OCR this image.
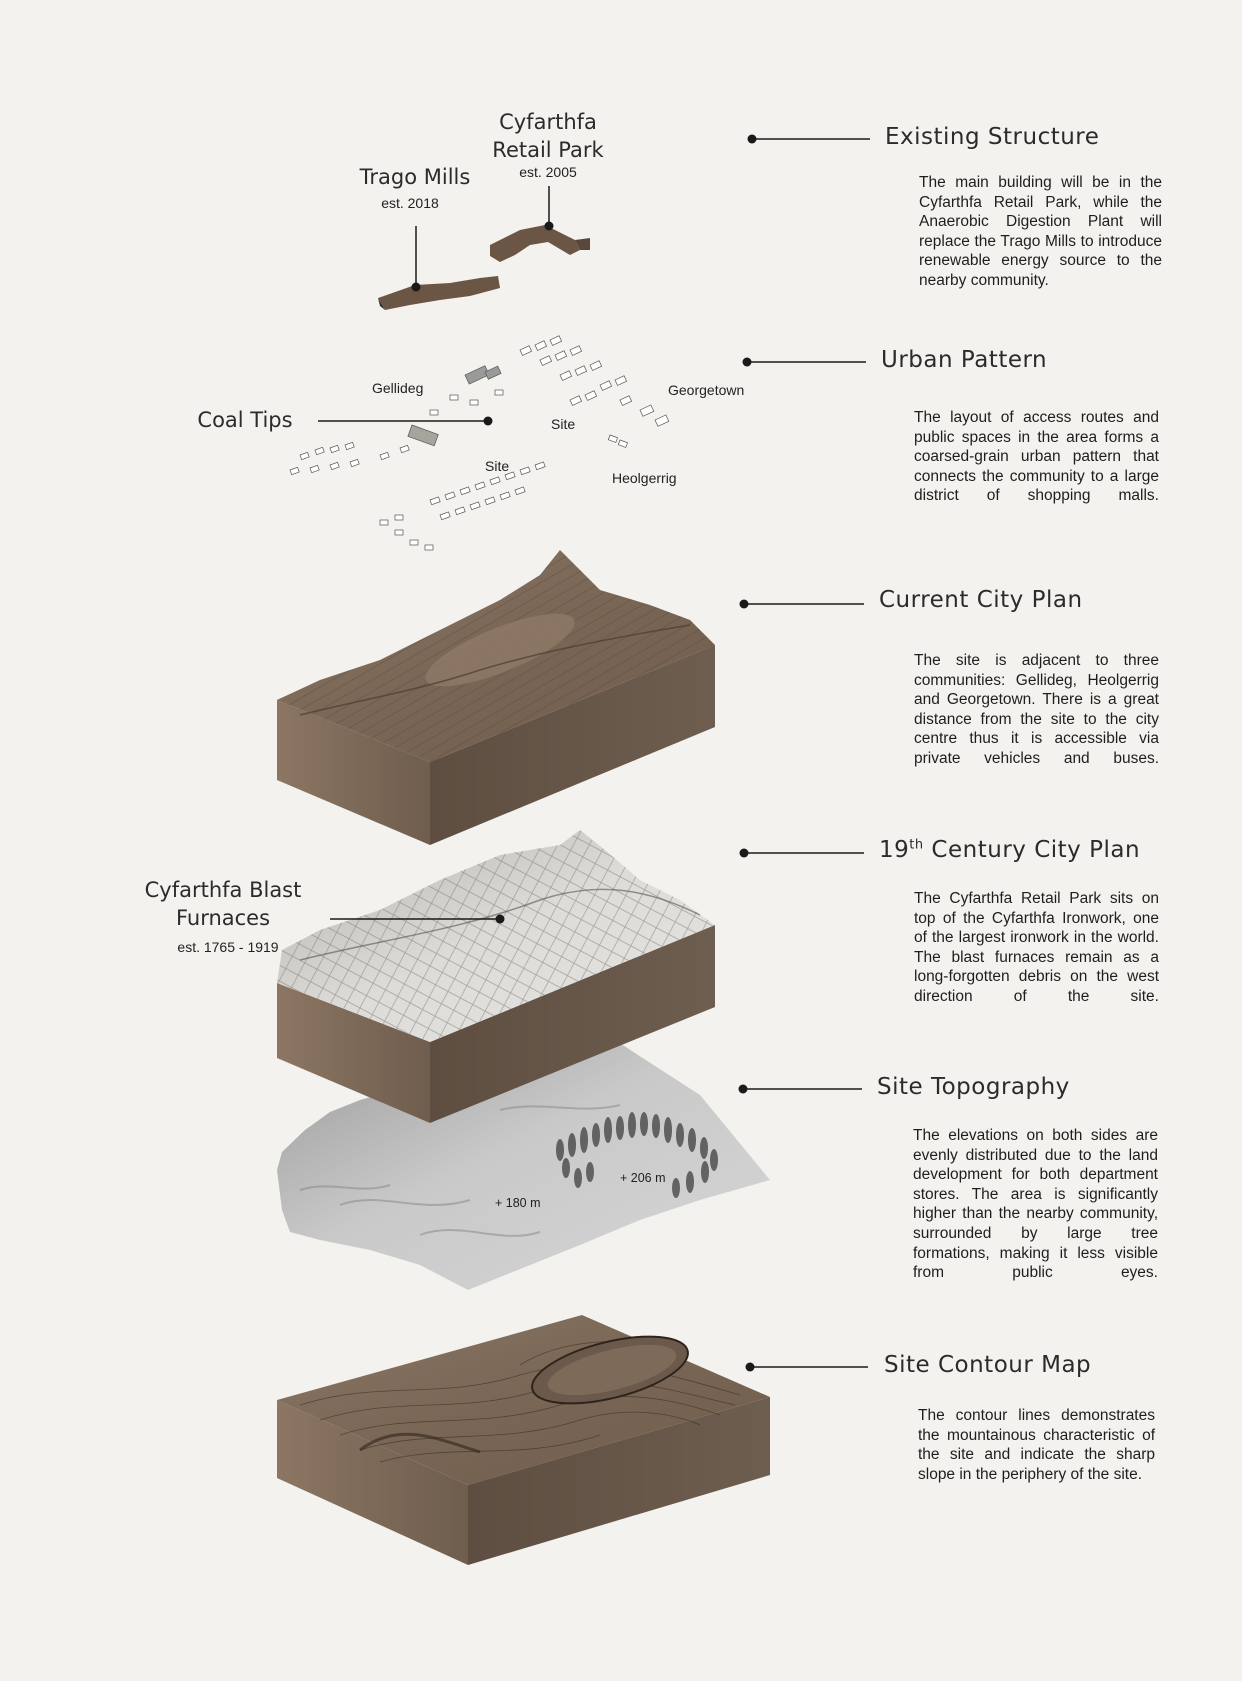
Cyfarthfa
Retail Park
est. 2005
Trago Mills
est. 2018
Coal Tips
Cyfarthfa Blast
Furnaces
est. 1765 - 1919
Gellideg	Georgetown
Site
Site
Heolgerrig
+ 180 m
+ 206 m
Existing Structure
The main building will be in the Cyfarthfa Retail Park, while the Anaerobic Digestion Plant will replace the Trago Mills to introduce renewable energy source to the nearby community.
Urban Pattern
The layout of access routes and public spaces in the area forms a coarsed-grain urban pattern that connects the community to a large district of shopping malls.
Current City Plan
The site is adjacent to three communities: Gellideg, Heolgerrig and Georgetown. There is a great distance from the site to the city centre thus it is accessible via private vehicles and buses.
19th Century City Plan
The Cyfarthfa Retail Park sits on top of the Cyfarthfa Ironwork, one of the largest ironwork in the world. The blast furnaces remain as a long-forgotten debris on the west direction of the site.
Site Topography
The elevations on both sides are evenly distributed due to the land development for both department stores. The area is significantly higher than the nearby community, surrounded by large tree formations, making it less visible from public eyes.
Site Contour Map
The contour lines demonstrates the mountainous characteristic of the site and indicate the sharp slope in the periphery of the site.
